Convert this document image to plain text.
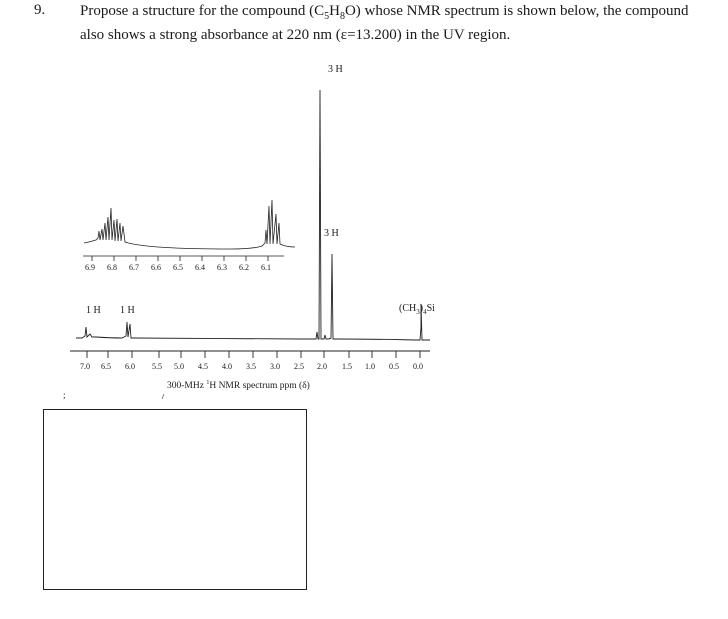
9. Propose a structure for the compound $(C_5H_8O)$ whose NMR spectrum is shown below, the compound also shows a strong absorbance at 220 nm (ε=13.200) in the UV region.
6.9 6.8 6.7 6.6 6.5 6.4 6.3 6.2 6.1
7.0 6.5 6.0 5.5 5.0 4.5 4.0 3.5 3.0 2.5 2.0 1.5 1.0 0.5 0.0
3 H
3 H
1 H 1 H	$(CH_3)_4Si$
300-MHz $^1$H NMR spectrum ppm (δ)
;
